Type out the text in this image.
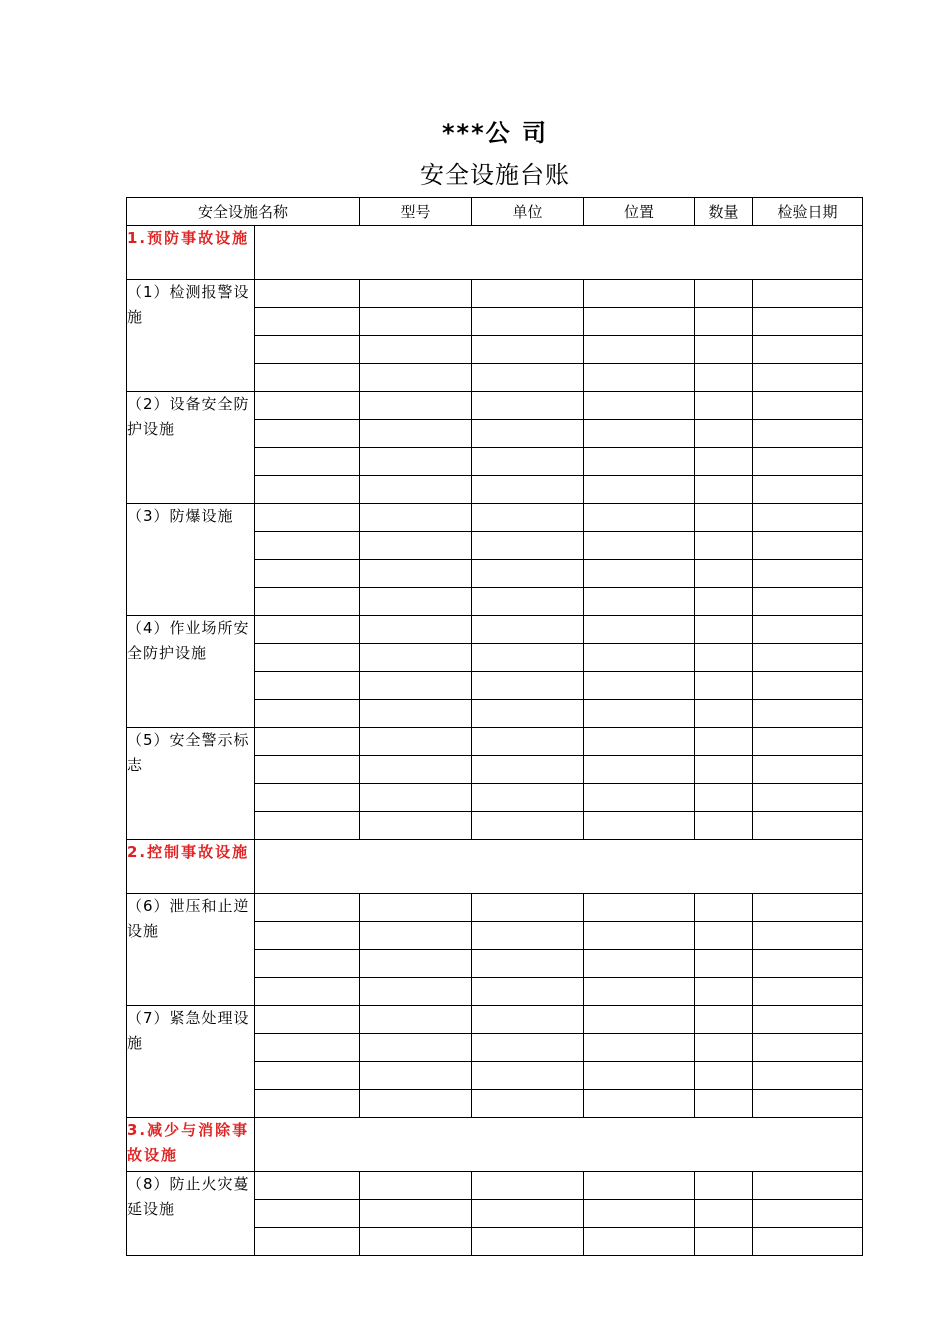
***公 司
安全设施台账
安全设施名称		型号	单位	位置	数量	检验日期
1.预防事故设施						
（1）检测报警设施						

（2）设备安全防护设施						

（3）防爆设施						

（4）作业场所安全防护设施						

（5）安全警示标志						

2.控制事故设施						
（6）泄压和止逆设施						

（7）紧急处理设施						

3.减少与消除事故设施						
（8）防止火灾蔓延设施						
